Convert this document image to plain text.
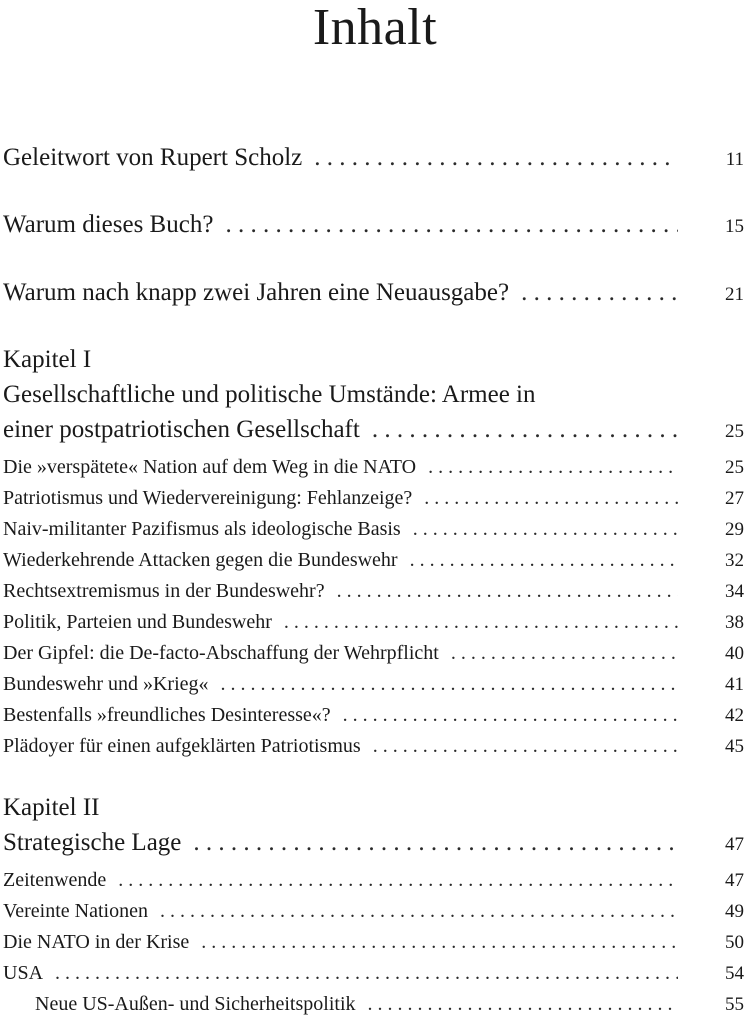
Inhalt
Geleitwort von Rupert Scholz . . .	11
Warum dieses Buch? . . .	15
Warum nach knapp zwei Jahren eine Neuausgabe? . . .	21
Kapitel I
Gesellschaftliche und politische Umstände: Armee in
einer postpatriotischen Gesellschaft . . .	25
Die »verspätete« Nation auf dem Weg in die NATO . . .	25
Patriotismus und Wiedervereinigung: Fehlanzeige? . . .	27
Naiv-militanter Pazifismus als ideologische Basis . . .	29
Wiederkehrende Attacken gegen die Bundeswehr . . .	32
Rechtsextremismus in der Bundeswehr? . . .	34
Politik, Parteien und Bundeswehr . . .	38
Der Gipfel: die De-facto-Abschaffung der Wehrpflicht . . .	40
Bundeswehr und »Krieg« . . .	41
Bestenfalls »freundliches Desinteresse«? . . .	42
Plädoyer für einen aufgeklärten Patriotismus . . .	45
Kapitel II
Strategische Lage . . .	47
Zeitenwende . . .	47
Vereinte Nationen . . .	49
Die NATO in der Krise . . .	50
USA . . .	54
Neue US-Außen- und Sicherheitspolitik . . .	55
